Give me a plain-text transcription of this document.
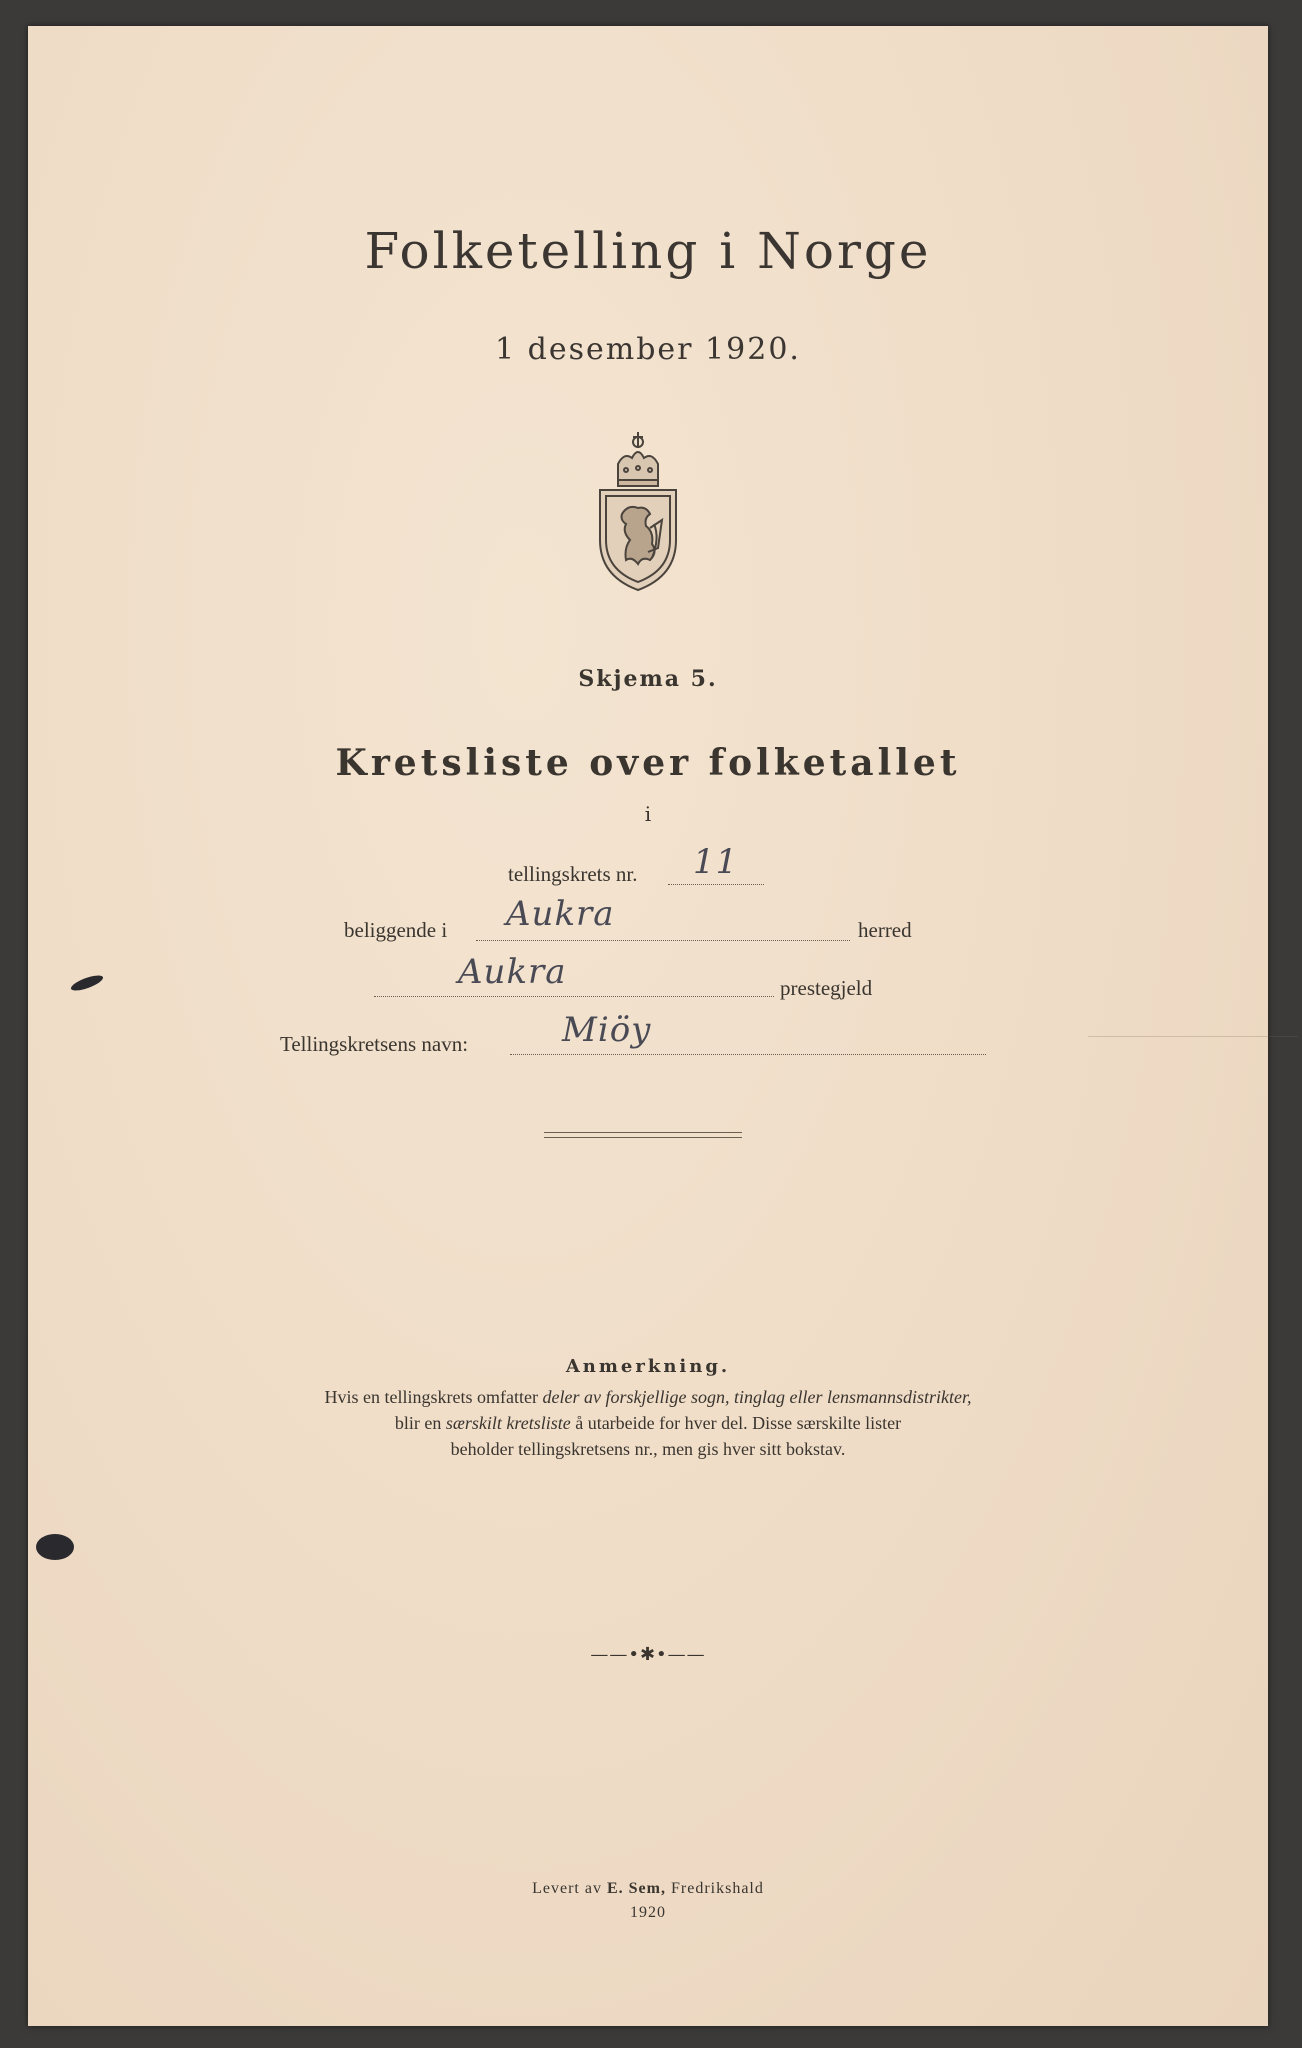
Folketelling i Norge
1 desember 1920.
Skjema 5.
Kretsliste over folketallet
i
tellingskrets nr. 11
beliggende i Aukra	herred
Aukra	prestegjeld
Tellingskretsens navn:	Miöy
Anmerkning.
Hvis en tellingskrets omfatter deler av forskjellige sogn, tinglag eller lensmannsdistrikter,
blir en særskilt kretsliste å utarbeide for hver del. Disse særskilte lister
beholder tellingskretsens nr., men gis hver sitt bokstav.
——•✱•——
Levert av E. Sem, Fredrikshald
1920
